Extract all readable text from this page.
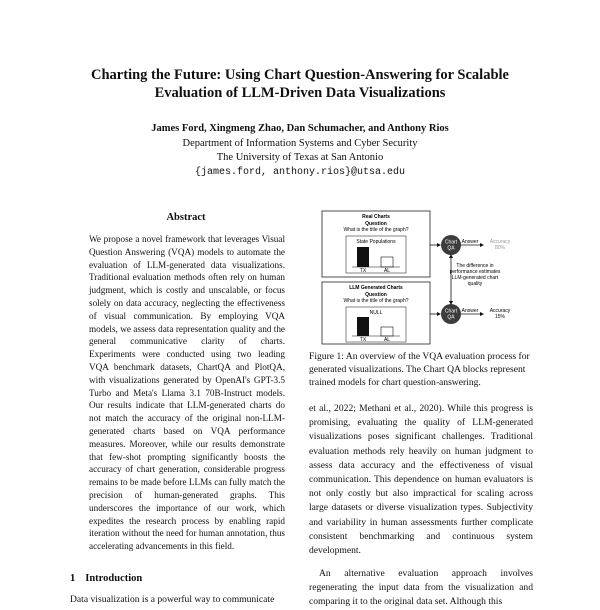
Charting the Future: Using Chart Question-Answering for Scalable Evaluation of LLM-Driven Data Visualizations
James Ford, Xingmeng Zhao, Dan Schumacher, and Anthony Rios
Department of Information Systems and Cyber Security
The University of Texas at San Antonio
{james.ford, anthony.rios}@utsa.edu
Abstract

We propose a novel framework that leverages Visual Question Answering (VQA) models to automate the evaluation of LLM-generated data visualizations. Traditional evaluation methods often rely on human judgment, which is costly and unscalable, or focus solely on data accuracy, neglecting the effectiveness of visual communication. By employing VQA models, we assess data representation quality and the general communicative clarity of charts. Experiments were conducted using two leading VQA benchmark datasets, ChartQA and PlotQA, with visualizations generated by OpenAI's GPT-3.5 Turbo and Meta's Llama 3.1 70B-Instruct models. Our results indicate that LLM-generated charts do not match the accuracy of the original non-LLM-generated charts based on VQA performance measures. Moreover, while our results demonstrate that few-shot prompting significantly boosts the accuracy of chart generation, considerable progress remains to be made before LLMs can fully match the precision of human-generated graphs. This underscores the importance of our work, which expedites the research process by enabling rapid iteration without the need for human annotation, thus accelerating advancements in this field.

1 Introduction
Data visualization is a powerful way to communicate
Real Charts
Question
What is the title of the graph?
State Populations
TX	AL
LLM Generated Charts
Question
What is the title of the graph?
NULL
TX	AL
Chart
QA
Chart
QA
Answer
Answer
Accuracy
80%
Accuracy
15%
The difference in
performance estimates
LLM-generated chart
quality

Figure 1: An overview of the VQA evaluation process for generated visualizations. The Chart QA blocks represent trained models for chart question-answering.

et al., 2022; Methani et al., 2020). While this progress is promising, evaluating the quality of LLM-generated visualizations poses significant challenges. Traditional evaluation methods rely heavily on human judgment to assess data accuracy and the effectiveness of visual communication. This dependence on human evaluators is not only costly but also impractical for scaling across large datasets or diverse visualization types. Subjectivity and variability in human assessments further complicate consistent benchmarking and continuous system development.

An alternative evaluation approach involves regenerating the input data from the visualization and comparing it to the original data set. Although this
